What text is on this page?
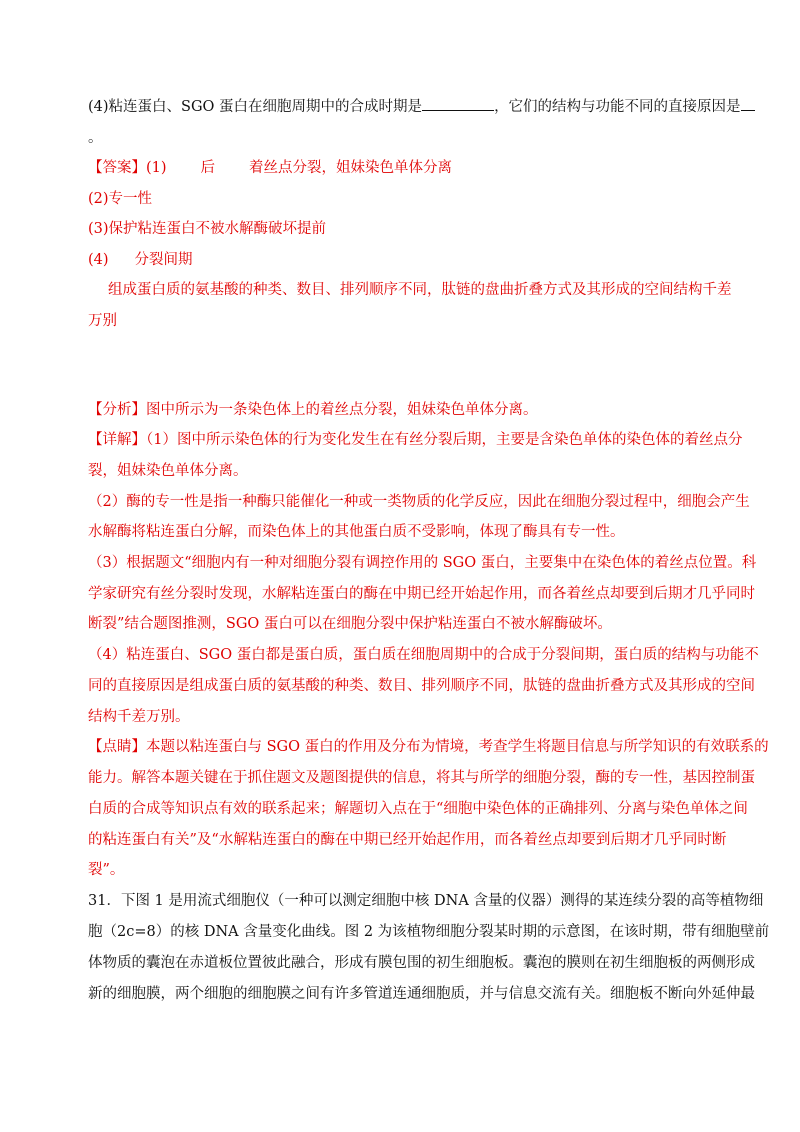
(4)粘连蛋白、SGO 蛋白在细胞周期中的合成时期是	，它们的结构与功能不同的直接原因是
。
【答案】(1) 后 着丝点分裂，姐妹染色单体分离
(2)专一性
(3)保护粘连蛋白不被水解酶破坏提前
(4) 分裂间期
组成蛋白质的氨基酸的种类、数目、排列顺序不同，肽链的盘曲折叠方式及其形成的空间结构千差
万别
【分析】图中所示为一条染色体上的着丝点分裂，姐妹染色单体分离。
【详解】（1）图中所示染色体的行为变化发生在有丝分裂后期，主要是含染色单体的染色体的着丝点分
裂，姐妹染色单体分离。
（2）酶的专一性是指一种酶只能催化一种或一类物质的化学反应，因此在细胞分裂过程中，细胞会产生
水解酶将粘连蛋白分解，而染色体上的其他蛋白质不受影响，体现了酶具有专一性。
（3）根据题文“细胞内有一种对细胞分裂有调控作用的 SGO 蛋白，主要集中在染色体的着丝点位置。科
学家研究有丝分裂时发现，水解粘连蛋白的酶在中期已经开始起作用，而各着丝点却要到后期才几乎同时
断裂”结合题图推测，SGO 蛋白可以在细胞分裂中保护粘连蛋白不被水解酶破坏。
（4）粘连蛋白、SGO 蛋白都是蛋白质，蛋白质在细胞周期中的合成于分裂间期，蛋白质的结构与功能不
同的直接原因是组成蛋白质的氨基酸的种类、数目、排列顺序不同，肽链的盘曲折叠方式及其形成的空间
结构千差万别。
【点睛】本题以粘连蛋白与 SGO 蛋白的作用及分布为情境，考查学生将题目信息与所学知识的有效联系的
能力。解答本题关键在于抓住题文及题图提供的信息，将其与所学的细胞分裂，酶的专一性，基因控制蛋
白质的合成等知识点有效的联系起来；解题切入点在于“细胞中染色体的正确排列、分离与染色单体之间
的粘连蛋白有关”及“水解粘连蛋白的酶在中期已经开始起作用，而各着丝点却要到后期才几乎同时断
裂”。
31．下图 1 是用流式细胞仪（一种可以测定细胞中核 DNA 含量的仪器）测得的某连续分裂的高等植物细
胞（2c=8）的核 DNA 含量变化曲线。图 2 为该植物细胞分裂某时期的示意图，在该时期，带有细胞壁前
体物质的囊泡在赤道板位置彼此融合，形成有膜包围的初生细胞板。囊泡的膜则在初生细胞板的两侧形成
新的细胞膜，两个细胞的细胞膜之间有许多管道连通细胞质，并与信息交流有关。细胞板不断向外延伸最
